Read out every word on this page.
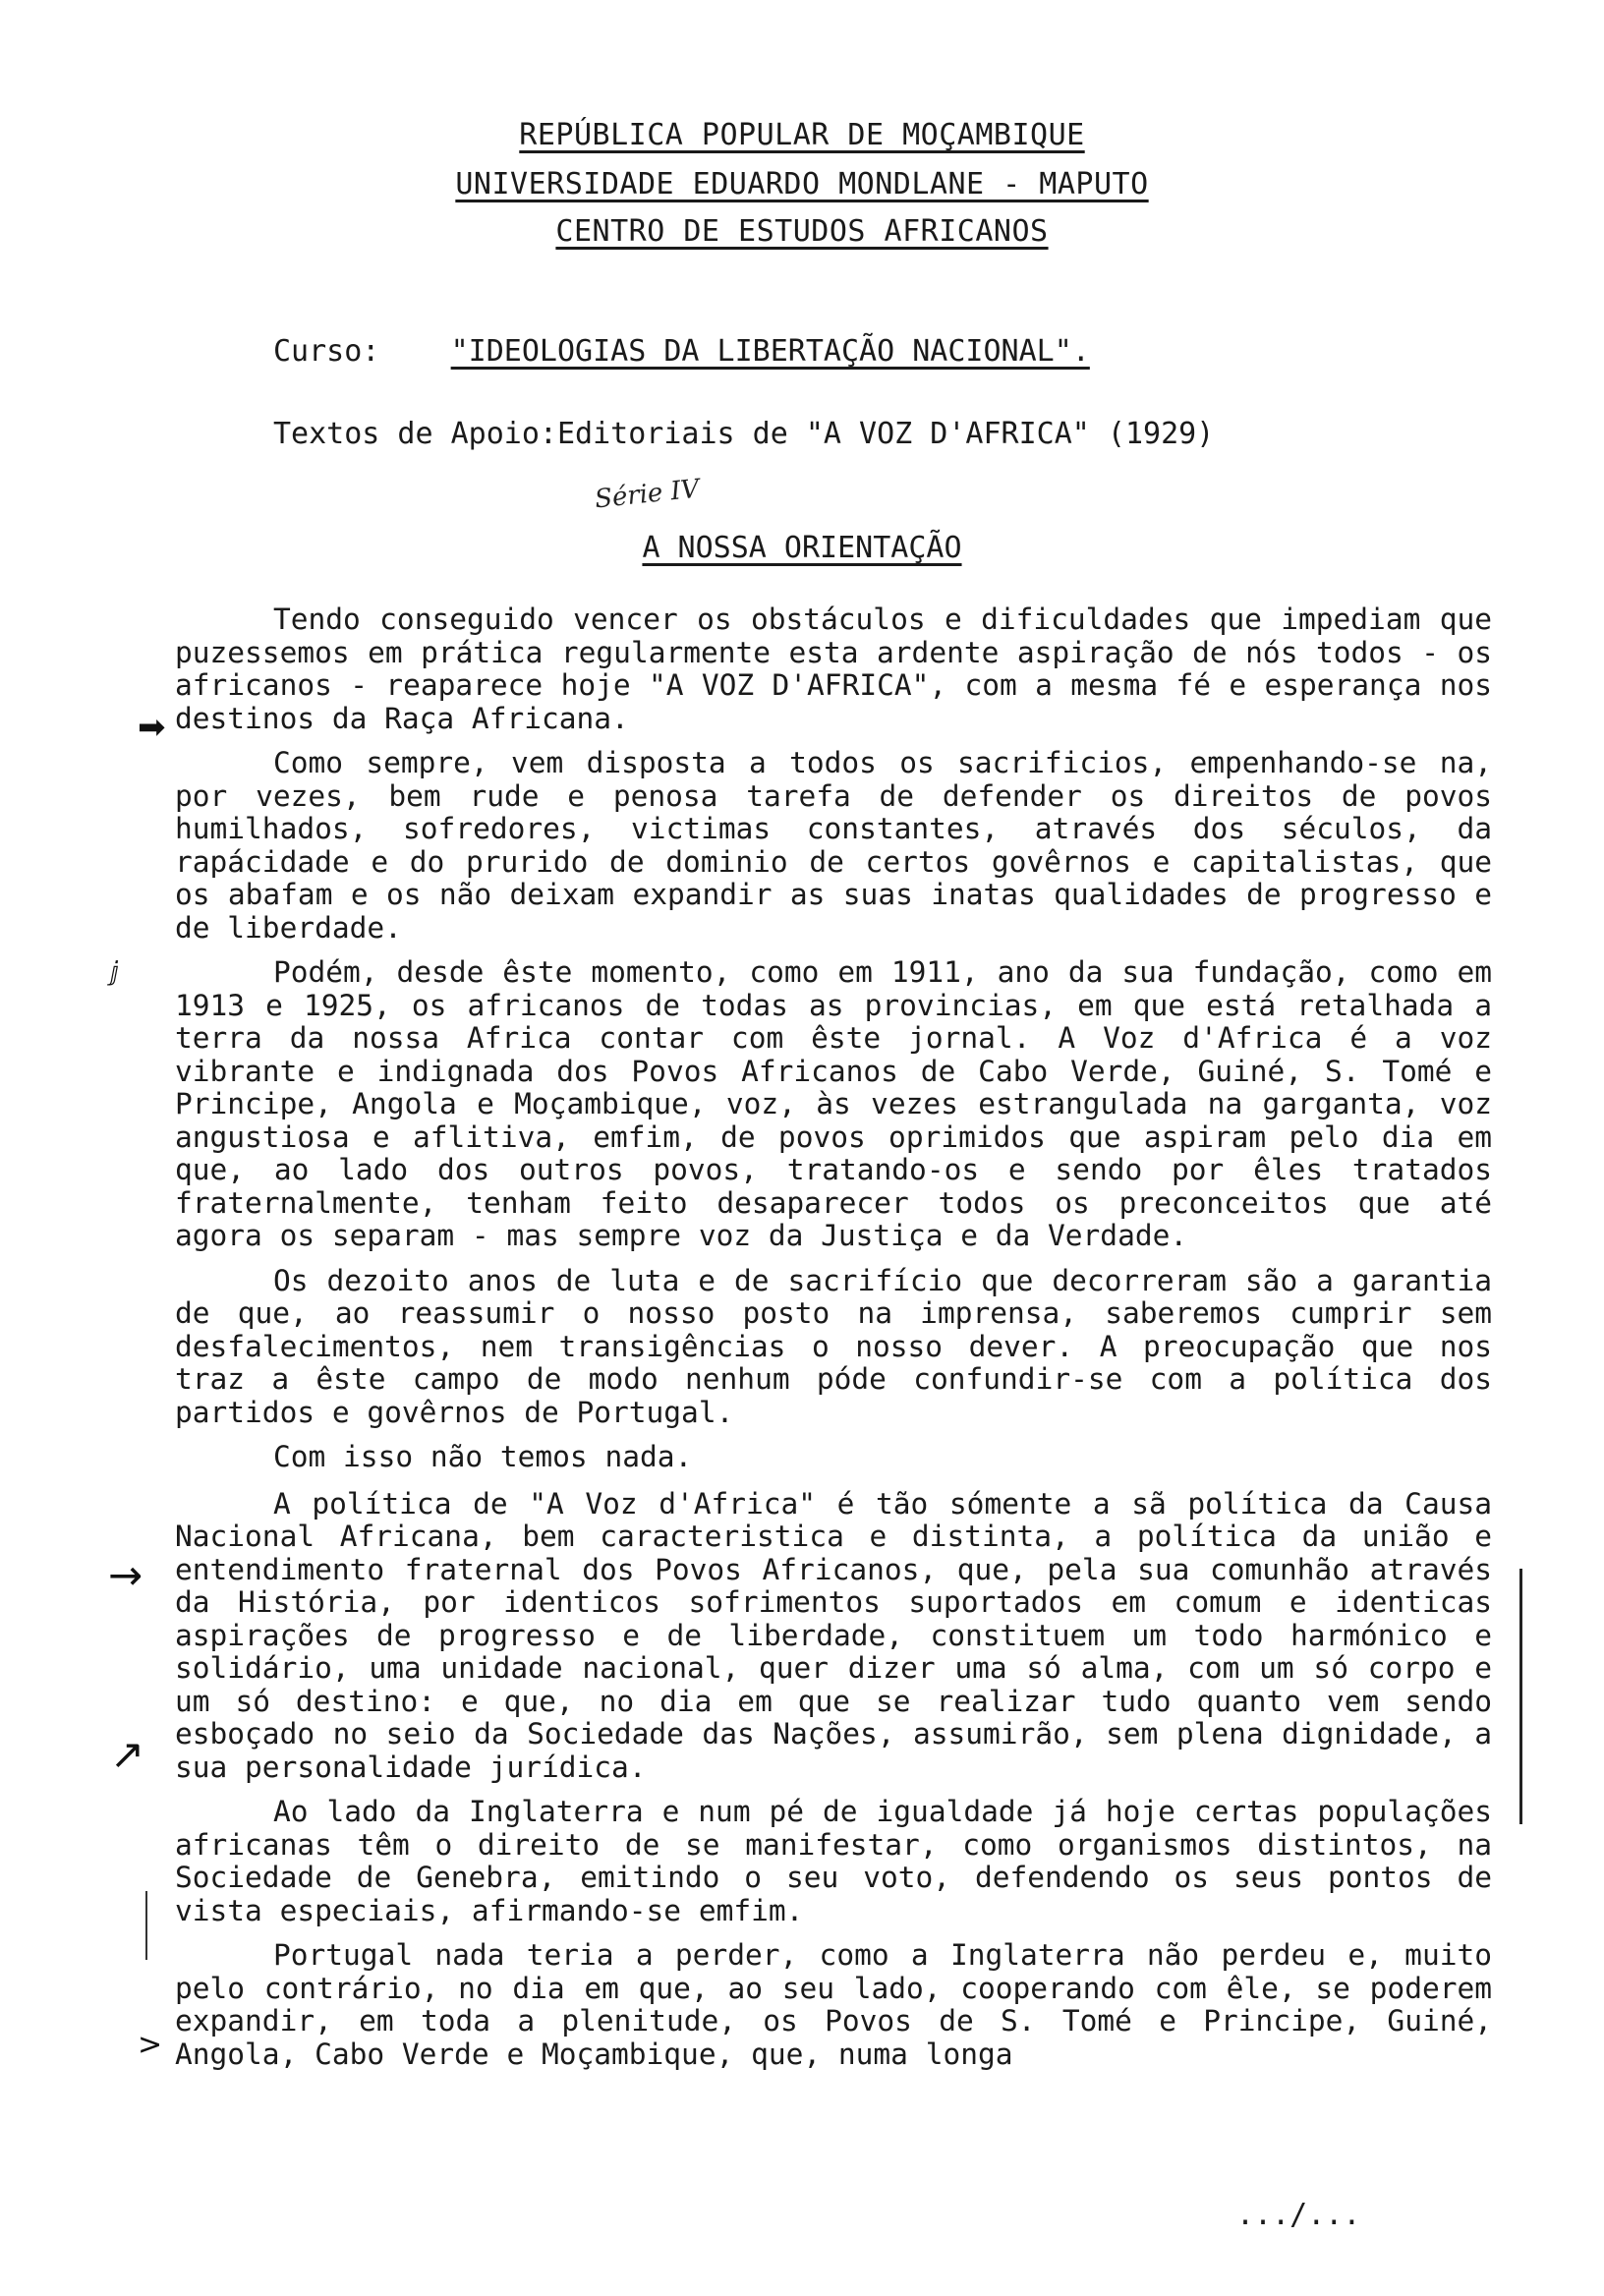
REPÚBLICA POPULAR DE MOÇAMBIQUE
UNIVERSIDADE EDUARDO MONDLANE - MAPUTO
CENTRO DE ESTUDOS AFRICANOS
Curso: "IDEOLOGIAS DA LIBERTAÇÃO NACIONAL".
Textos de Apoio:Editoriais de "A VOZ D'AFRICA" (1929)
Série IV
A NOSSA ORIENTAÇÃO

Tendo conseguido vencer os obstáculos e dificuldades que impediam que puzessemos em prática regularmente esta ardente aspiração de nós todos - os africanos - reaparece hoje "A VOZ D'AFRICA", com a mesma fé e esperança nos destinos da Raça Africana.

Como sempre, vem disposta a todos os sacrificios, empenhando-se na, por vezes, bem rude e penosa tarefa de defender os direitos de povos humilhados, sofredores, victimas constantes, através dos séculos, da rapácidade e do prurido de dominio de certos govêrnos e capitalistas, que os abafam e os não deixam expandir as suas inatas qualidades de progresso e de liberdade.

Podém, desde êste momento, como em 1911, ano da sua fundação, como em 1913 e 1925, os africanos de todas as provincias, em que está retalhada a terra da nossa Africa contar com êste jornal. A Voz d'Africa é a voz vibrante e indignada dos Povos Africanos de Cabo Verde, Guiné, S. Tomé e Principe, Angola e Moçambique, voz, às vezes estrangulada na garganta, voz angustiosa e aflitiva, emfim, de povos oprimidos que aspiram pelo dia em que, ao lado dos outros povos, tratando-os e sendo por êles tratados fraternalmente, tenham feito desaparecer todos os preconceitos que até agora os separam - mas sempre voz da Justiça e da Verdade.

Os dezoito anos de luta e de sacrifício que decorreram são a garantia de que, ao reassumir o nosso posto na imprensa, saberemos cumprir sem desfalecimentos, nem transigências o nosso dever. A preocupação que nos traz a êste campo de modo nenhum póde confundir-se com a política dos partidos e govêrnos de Portugal.

Com isso não temos nada.

A política de "A Voz d'Africa" é tão sómente a sã política da Causa Nacional Africana, bem caracteristica e distinta, a política da união e entendimento fraternal dos Povos Africanos, que, pela sua comunhão através da História, por identicos sofrimentos suportados em comum e identicas aspirações de progresso e de liberdade, constituem um todo harmónico e solidário, uma unidade nacional, quer dizer uma só alma, com um só corpo e um só destino: e que, no dia em que se realizar tudo quanto vem sendo esboçado no seio da Sociedade das Nações, assumirão, sem plena dignidade, a sua personalidade jurídica.

Ao lado da Inglaterra e num pé de igualdade já hoje certas populações africanas têm o direito de se manifestar, como organismos distintos, na Sociedade de Genebra, emitindo o seu voto, defendendo os seus pontos de vista especiais, afirmando-se emfim.

Portugal nada teria a perder, como a Inglaterra não perdeu e, muito pelo contrário, no dia em que, ao seu lado, cooperando com êle, se poderem expandir, em toda a plenitude, os Povos de S. Tomé e Principe, Guiné, Angola, Cabo Verde e Moçambique, que, numa longa

➡
ⅉ
→
↗
>
.../...
